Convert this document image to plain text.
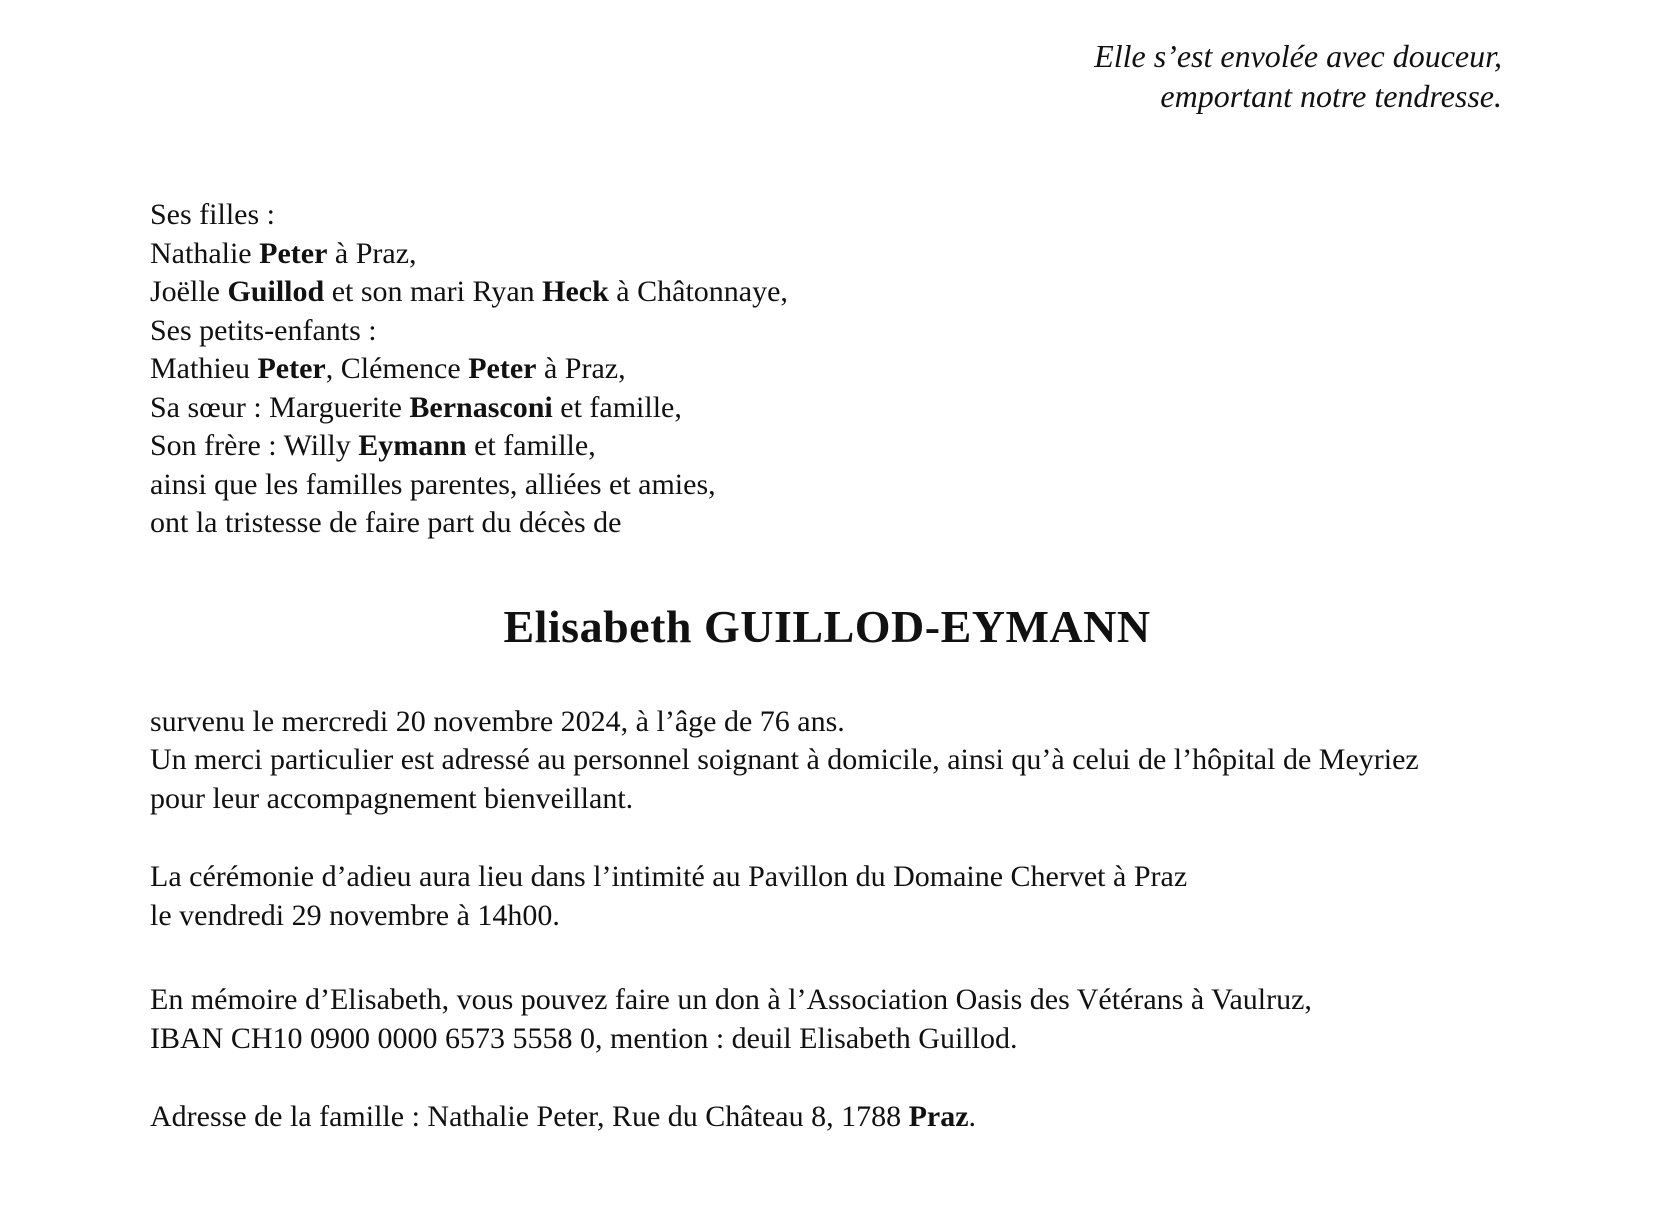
Elle s’est envolée avec douceur,
emportant notre tendresse.
Ses filles :
Nathalie Peter à Praz,
Joëlle Guillod et son mari Ryan Heck à Châtonnaye,
Ses petits-enfants :
Mathieu Peter, Clémence Peter à Praz,
Sa sœur : Marguerite Bernasconi et famille,
Son frère : Willy Eymann et famille,
ainsi que les familles parentes, alliées et amies,
ont la tristesse de faire part du décès de
Elisabeth GUILLOD-EYMANN
survenu le mercredi 20 novembre 2024, à l’âge de 76 ans.
Un merci particulier est adressé au personnel soignant à domicile, ainsi qu’à celui de l’hôpital de Meyriez
pour leur accompagnement bienveillant.
La cérémonie d’adieu aura lieu dans l’intimité au Pavillon du Domaine Chervet à Praz
le vendredi 29 novembre à 14h00.
En mémoire d’Elisabeth, vous pouvez faire un don à l’Association Oasis des Vétérans à Vaulruz,
IBAN CH10 0900 0000 6573 5558 0, mention : deuil Elisabeth Guillod.
Adresse de la famille : Nathalie Peter, Rue du Château 8, 1788 Praz.
